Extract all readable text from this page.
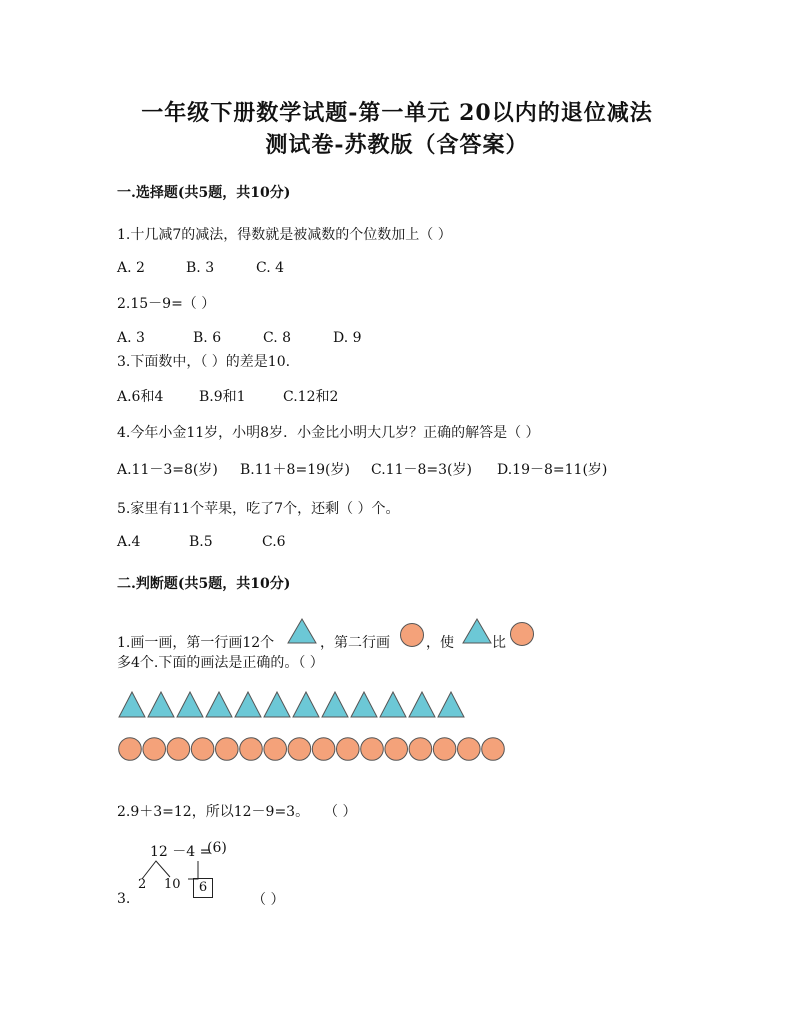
一年级下册数学试题-第一单元 20以内的退位减法
测试卷-苏教版（含答案）
一.选择题(共5题，共10分)
1.十几减7的减法，得数就是被减数的个位数加上（ ）
A. 2	B. 3	C. 4
2.15－9=（ ）
A. 3	B. 6	C. 8	D. 9
3.下面数中，（ ）的差是10.
A.6和4	B.9和1	C.12和2
4.今年小金11岁，小明8岁．小金比小明大几岁？正确的解答是（ ）
A.11－3=8(岁) B.11＋8=19(岁) C.11－8=3(岁) D.19－8=11(岁)
5.家里有11个苹果，吃了7个，还剩（ ）个。
A.4	B.5	C.6
二.判断题(共5题，共10分)
1.画一画，第一行画12个	，第二行画	，使	比
多4个.下面的画法是正确的。（ ）
2.9＋3=12，所以12－9=3。 （ ）
12 －4 =
(6)
2 10	6
3.	（ ）
